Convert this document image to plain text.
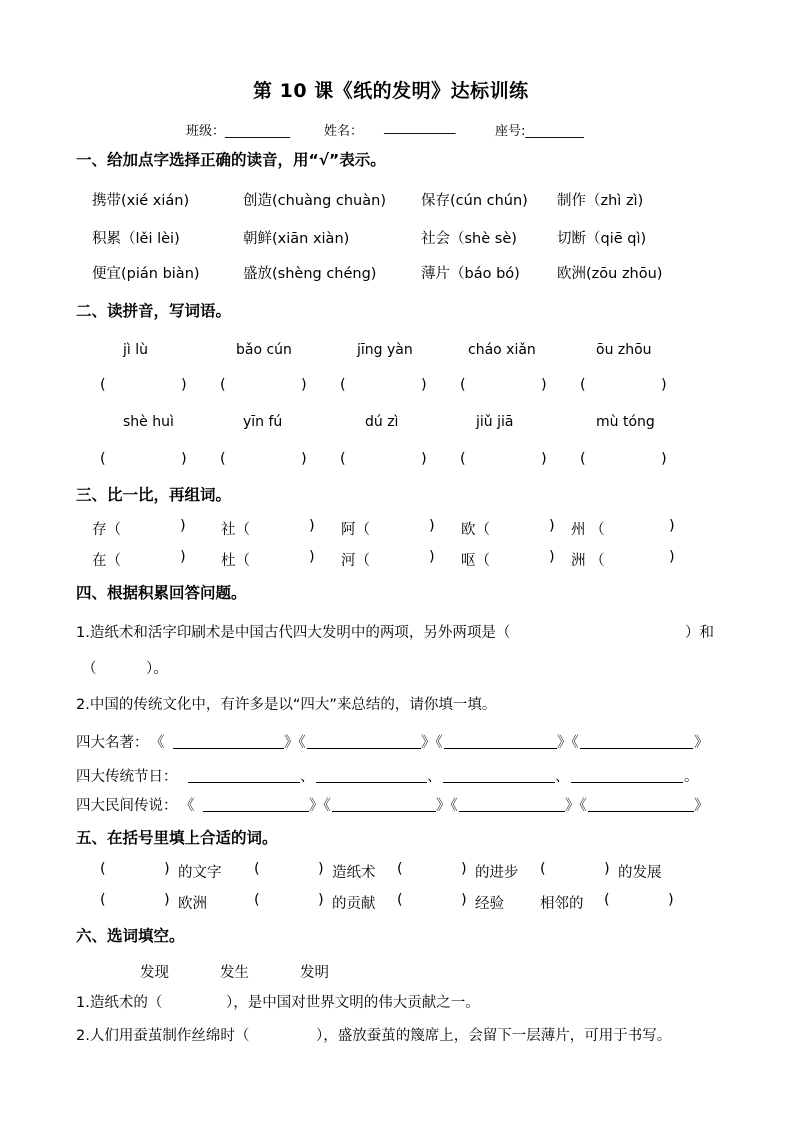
第 10 课《纸的发明》达标训练
班级：__________	姓名： ___________	座号:_________
一、给加点字选择正确的读音，用“√”表示。
携带(xié xián)	创造(chuàng chuàn) 保存(cún chún) 制作（zhì zì)
积累（lěi lèi)	朝鲜(xiān xiàn)	社会（shè sè)	切断（qiē qì)
便宜(pián biàn)	盛放(shèng chéng)	薄片（báo bó)	欧洲(zōu zhōu)
二、读拼音，写词语。
jì lù	bǎo cún	jīng yàn	cháo xiǎn	ōu zhōu
(	) (	) (	) (	) (	)
shè huì	yīn fú	dú zì	jiǔ jiā	mù tóng
(	) (	) (	) (	) (	)
三、比一比，再组词。
存（	) 社（	) 阿（	) 欧（	) 州 （	)
在（	) 杜（	) 河（	) 呕（	) 洲 （	)
四、根据积累回答问题。
1.造纸术和活字印刷术是中国古代四大发明中的两项，另外两项是（	）和
（	）。
2.中国的传统文化中，有许多是以“四大”来总结的，请你填一填。
四大名著： 《	》《	》《	》《	》
四大传统节日：	、	、	、	。
四大民间传说： 《	》《	》《	》《	》
五、在括号里填上合适的词。
(	) 的文字 (	) 造纸术 (	) 的进步 (	) 的发展
(	) 欧洲	(	) 的贡献 (	) 经验 相邻的 (	)
六、选词填空。
发现	发生	发明
1.造纸术的（	），是中国对世界文明的伟大贡献之一。
2.人们用蚕茧制作丝绵时（	），盛放蚕茧的篾席上，会留下一层薄片，可用于书写。
